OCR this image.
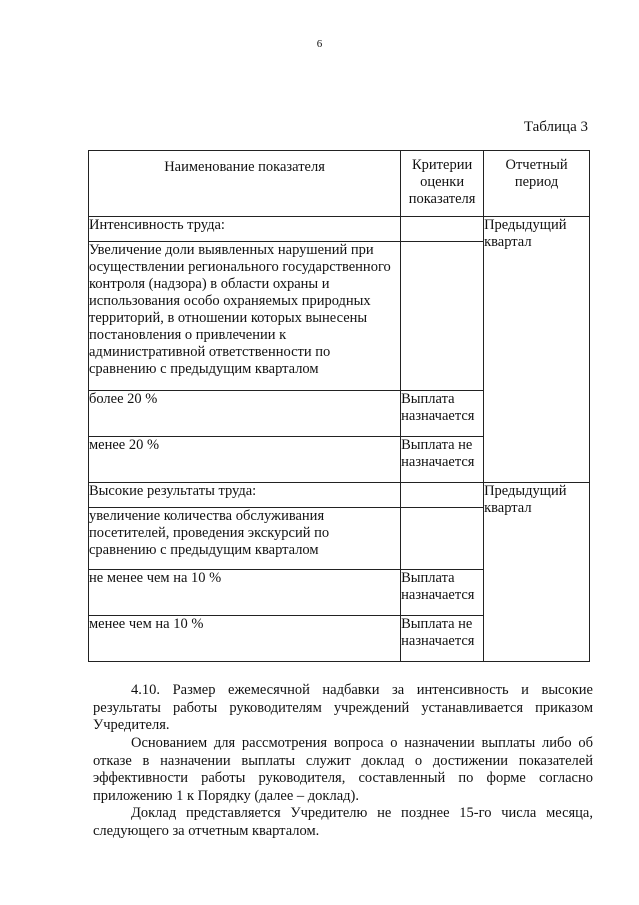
6
Таблица 3
Наименование показателя	Критерии оценки показателя	Отчетный период
Интенсивность труда:		Предыдущий квартал
Увеличение доли выявленных нарушений при осуществлении регионального государственного контроля (надзора) в области охраны и использования особо охраняемых природных территорий, в отношении которых вынесены постановления о привлечении к административной ответственности по сравнению с предыдущим кварталом		
более 20 %	Выплата назначается	
менее 20 %	Выплата не назначается	
Высокие результаты труда:		Предыдущий квартал
увеличение количества обслуживания посетителей, проведения экскурсий по сравнению с предыдущим кварталом		
не менее чем на 10 %	Выплата назначается	
менее чем на 10 %	Выплата не назначается	

4.10. Размер ежемесячной надбавки за интенсивность и высокие результаты работы руководителям учреждений устанавливается приказом Учредителя.

Основанием для рассмотрения вопроса о назначении выплаты либо об отказе в назначении выплаты служит доклад о достижении показателей эффективности работы руководителя, составленный по форме согласно приложению 1 к Порядку (далее – доклад).

Доклад представляется Учредителю не позднее 15-го числа месяца, следующего за отчетным кварталом.
